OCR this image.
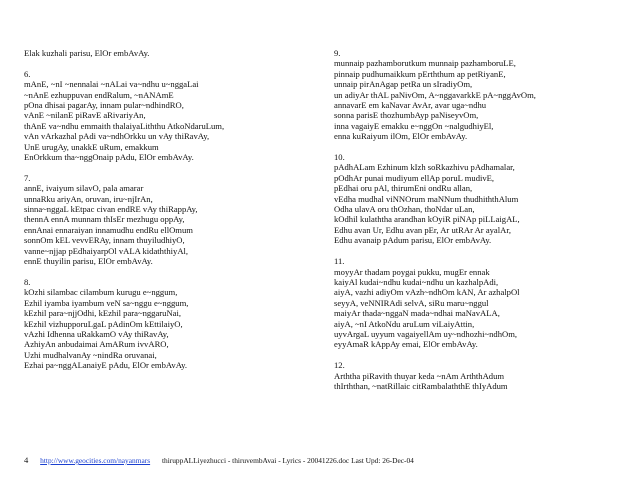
Elak kuzhali parisu, ElOr embAvAy.
6.
mAnE, ~nI ~nennalai ~nALai va~ndhu u~nggaLai
~nAnE ezhuppuvan endRalum, ~nANAmE
pOna dhisai pagarAy, innam pular~ndhindRO,
vAnE ~nilanE piRavE aRivariyAn,
thAnE va~ndhu emmaith thalaiyaLiththu AtkoNdaruLum,
vAn vArkazhal pAdi va~ndhOrkku un vAy thiRavAy,
UnE urugAy, unakkE uRum, emakkum
EnOrkkum tha~nggOnaip pAdu, ElOr embAvAy.
7.
annE, ivaiyum silavO, pala amarar
unnaRku ariyAn, oruvan, iru~njIrAn,
sinna~nggaL kEtpac civan endRE vAy thiRappAy,
thennA ennA munnam thIsEr mezhugu oppAy,
ennAnai ennaraiyan innamudhu endRu ellOmum
sonnOm kEL vevvERAy, innam thuyiludhiyO,
vanne~njjap pEdhaiyarpOl vALA kidaththiyAl,
ennE thuyilin parisu, ElOr embAvAy.
8.
kOzhi silambac cilambum kurugu e~nggum,
Ezhil iyamba iyambum veN sa~nggu e~nggum,
kEzhil para~njjOdhi, kEzhil para~nggaruNai,
kEzhil vizhupporuLgaL pAdinOm kEttilaiyO,
vAzhi Idhenna uRakkamO vAy thiRavAy,
AzhiyAn anbudaimai AmARum ivvARO,
Uzhi mudhalvanAy ~nindRa oruvanai,
Ezhai pa~nggALanaiyE pAdu, ElOr embAvAy.
9.
munnaip pazhamborutkum munnaip pazhamboruLE,
pinnaip pudhumaikkum pErththum ap petRiyanE,
unnaip pirAnAgap petRa un sIradiyOm,
un adiyAr thAL paNivOm, A~nggavarkkE pA~nggAvOm,
annavarE em kaNavar AvAr, avar uga~ndhu
sonna parisE thozhumbAyp paNiseyvOm,
inna vagaiyE emakku e~nggOn ~nalgudhiyEl,
enna kuRaiyum ilOm, ElOr embAvAy.
10.
pAdhALam Ezhinum kIzh soRkazhivu pAdhamalar,
pOdhAr punai mudiyum ellAp poruL mudivE,
pEdhai oru pAl, thirumEni ondRu allan,
vEdha mudhal viNNOrum maNNum thudhiththAlum
Odha ulavA oru thOzhan, thoNdar uLan,
kOdhil kulaththa arandhan kOyiR piNAp piLLaigAL,
Edhu avan Ur, Edhu avan pEr, Ar utRAr Ar ayalAr,
Edhu avanaip pAdum parisu, ElOr embAvAy.
11.
moyyAr thadam poygai pukku, mugEr ennak
kaiyAl kudai~ndhu kudai~ndhu un kazhalpAdi,
aiyA, vazhi adiyOm vAzh~ndhOm kAN, Ar azhalpOl
seyyA, veNNIRAdi selvA, siRu maru~nggul
maiyAr thada~nggaN mada~ndhai maNavALA,
aiyA, ~nI AtkoNdu aruLum viLaiyAttin,
uyvArgaL uyyum vagaiyellAm uy~ndhozhi~ndhOm,
eyyAmaR kAppAy emai, ElOr embAvAy.
12.
Arththa piRavith thuyar keda ~nAm ArththAdum
thIrththan, ~natRillaic citRambalaththE thIyAdum
4 http://www.geocities.com/nayanmars thiruppALLiyezhucci - thiruvembAvai - Lyrics - 20041226.doc Last Upd: 26-Dec-04
